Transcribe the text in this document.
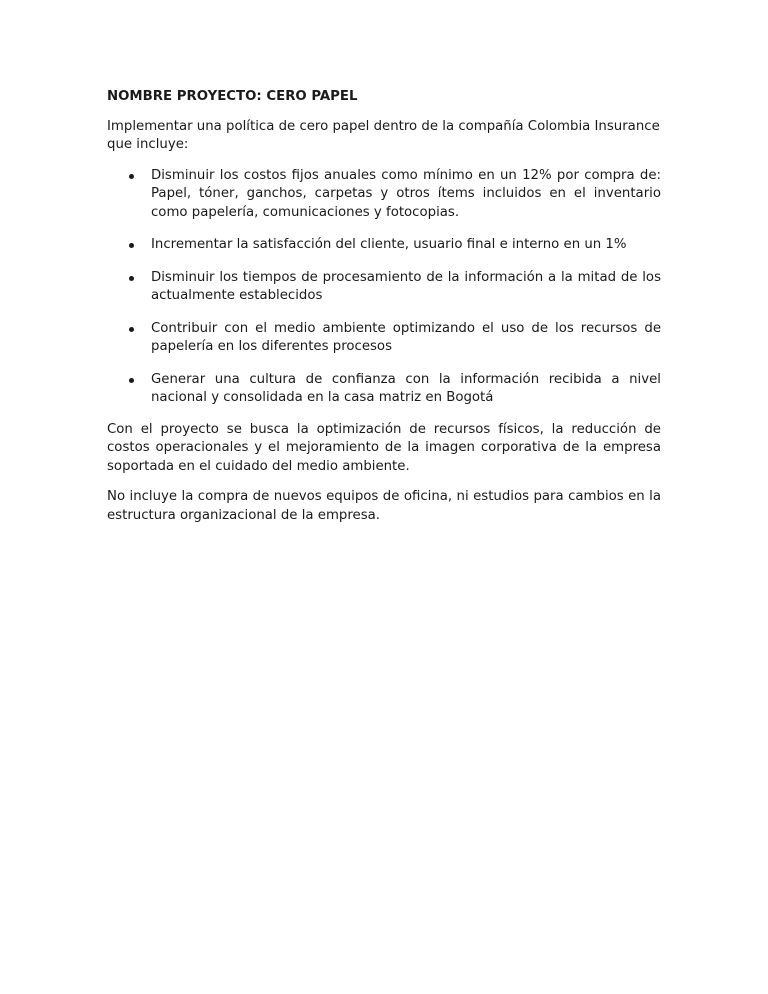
NOMBRE PROYECTO: CERO PAPEL

Implementar una política de cero papel dentro de la compañía Colombia Insurance que incluye:

Disminuir los costos fijos anuales como mínimo en un 12% por compra de: Papel, tóner, ganchos, carpetas y otros ítems incluidos en el inventario como papelería, comunicaciones y fotocopias.
Incrementar la satisfacción del cliente, usuario final e interno en un 1%
Disminuir los tiempos de procesamiento de la información a la mitad de los actualmente establecidos
Contribuir con el medio ambiente optimizando el uso de los recursos de papelería en los diferentes procesos
Generar una cultura de confianza con la información recibida a nivel nacional y consolidada en la casa matriz en Bogotá

Con el proyecto se busca la optimización de recursos físicos, la reducción de costos operacionales y el mejoramiento de la imagen corporativa de la empresa soportada en el cuidado del medio ambiente.

No incluye la compra de nuevos equipos de oficina, ni estudios para cambios en la estructura organizacional de la empresa.
